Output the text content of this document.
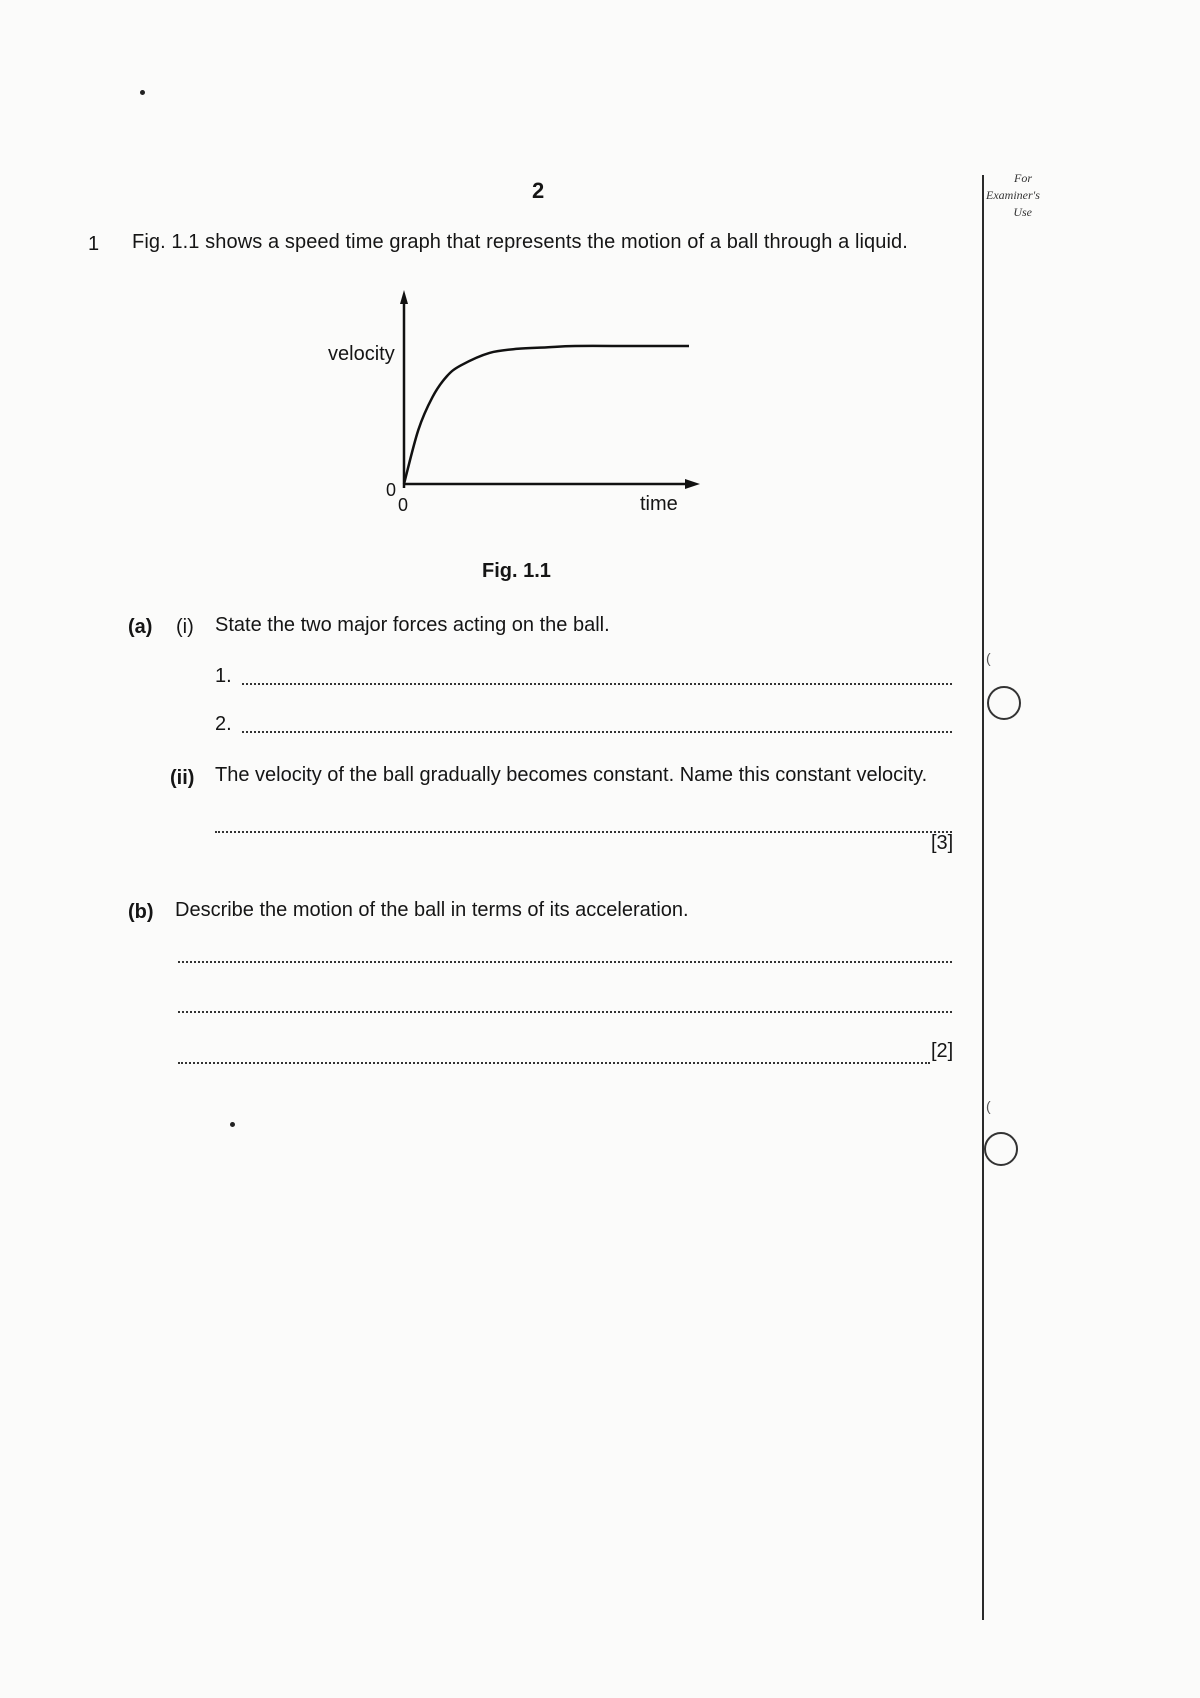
2	For
Examiner's
Use
(
(
1 Fig. 1.1 shows a speed time graph that represents the motion of a ball through a liquid.
velocity
time
0
0
Fig. 1.1
(a) (i) State the two major forces acting on the ball.
1.
2.
(ii) The velocity of the ball gradually becomes constant. Name this constant velocity.
[3]
(b) Describe the motion of the ball in terms of its acceleration.
[2]
